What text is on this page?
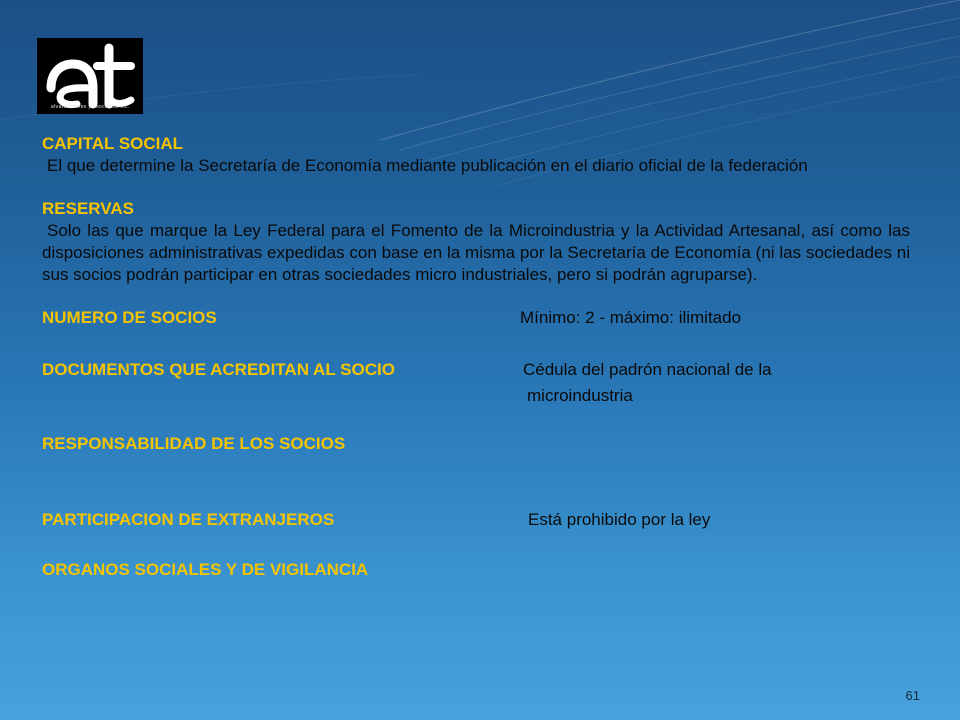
alvarez torres y asociados s.c.
CAPITAL SOCIAL

El que determine la Secretaría de Economía mediante publicación en el diario oficial de la federación

RESERVAS

Solo las que marque la Ley Federal para el Fomento de la Microindustria y la Actividad Artesanal, así como las disposiciones administrativas expedidas con base en la misma por la Secretaría de Economía (ni las sociedades ni sus socios podrán participar en otras sociedades micro industriales, pero si podrán agruparse).

NUMERO DE SOCIOS	Mínimo: 2 - máximo: ilimitado
DOCUMENTOS QUE ACREDITAN AL SOCIO	Cédula del padrón nacional de la
microindustria
RESPONSABILIDAD DE LOS SOCIOS
PARTICIPACION DE EXTRANJEROS	Está prohibido por la ley
ORGANOS SOCIALES Y DE VIGILANCIA
61
